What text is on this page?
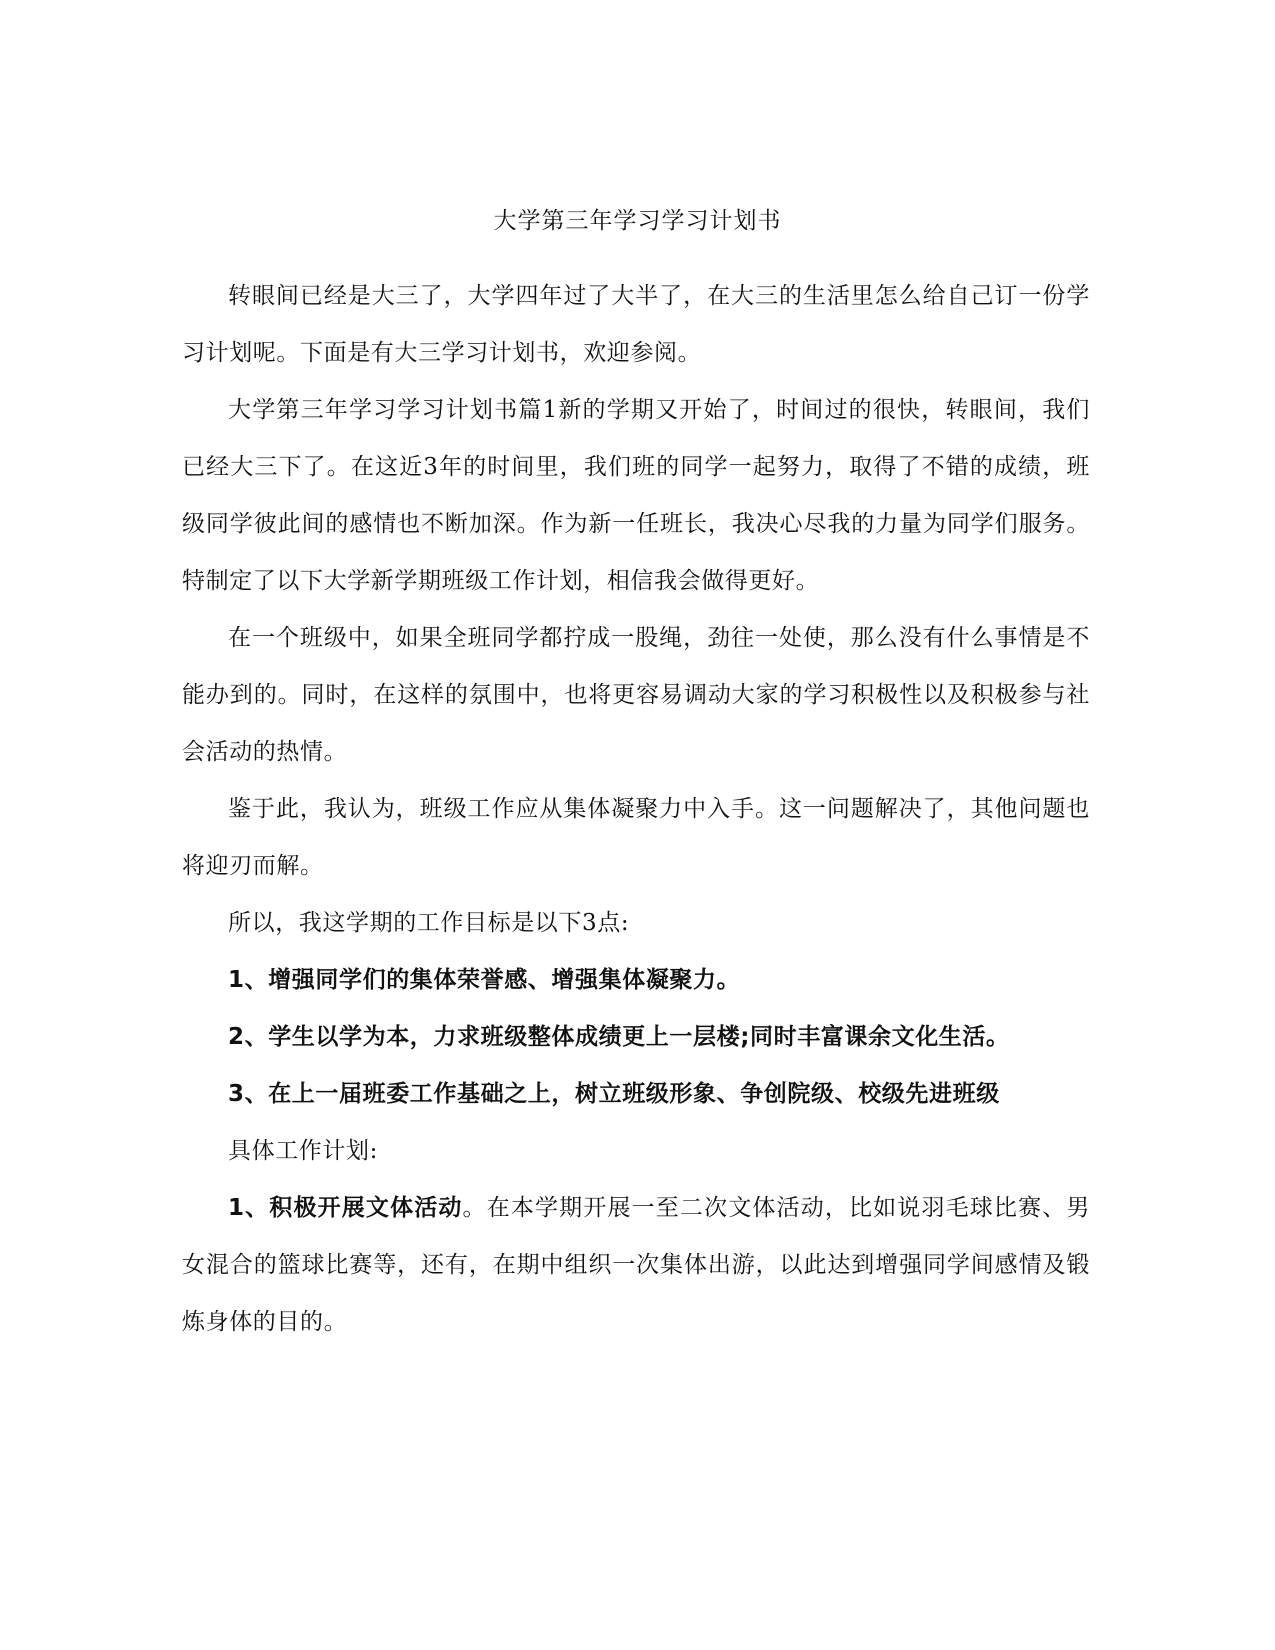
大学第三年学习学习计划书

转眼间已经是大三了，大学四年过了大半了，在大三的生活里怎么给自己订一份学习计划呢。下面是有大三学习计划书，欢迎参阅。

大学第三年学习学习计划书篇1新的学期又开始了，时间过的很快，转眼间，我们已经大三下了。在这近3年的时间里，我们班的同学一起努力，取得了不错的成绩，班级同学彼此间的感情也不断加深。作为新一任班长，我决心尽我的力量为同学们服务。特制定了以下大学新学期班级工作计划，相信我会做得更好。

在一个班级中，如果全班同学都拧成一股绳，劲往一处使，那么没有什么事情是不能办到的。同时，在这样的氛围中，也将更容易调动大家的学习积极性以及积极参与社会活动的热情。

鉴于此，我认为，班级工作应从集体凝聚力中入手。这一问题解决了，其他问题也将迎刃而解。

所以，我这学期的工作目标是以下3点:

1、增强同学们的集体荣誉感、增强集体凝聚力。

2、学生以学为本，力求班级整体成绩更上一层楼;同时丰富课余文化生活。

3、在上一届班委工作基础之上，树立班级形象、争创院级、校级先进班级

具体工作计划:

1、积极开展文体活动。在本学期开展一至二次文体活动，比如说羽毛球比赛、男女混合的篮球比赛等，还有，在期中组织一次集体出游，以此达到增强同学间感情及锻炼身体的目的。
